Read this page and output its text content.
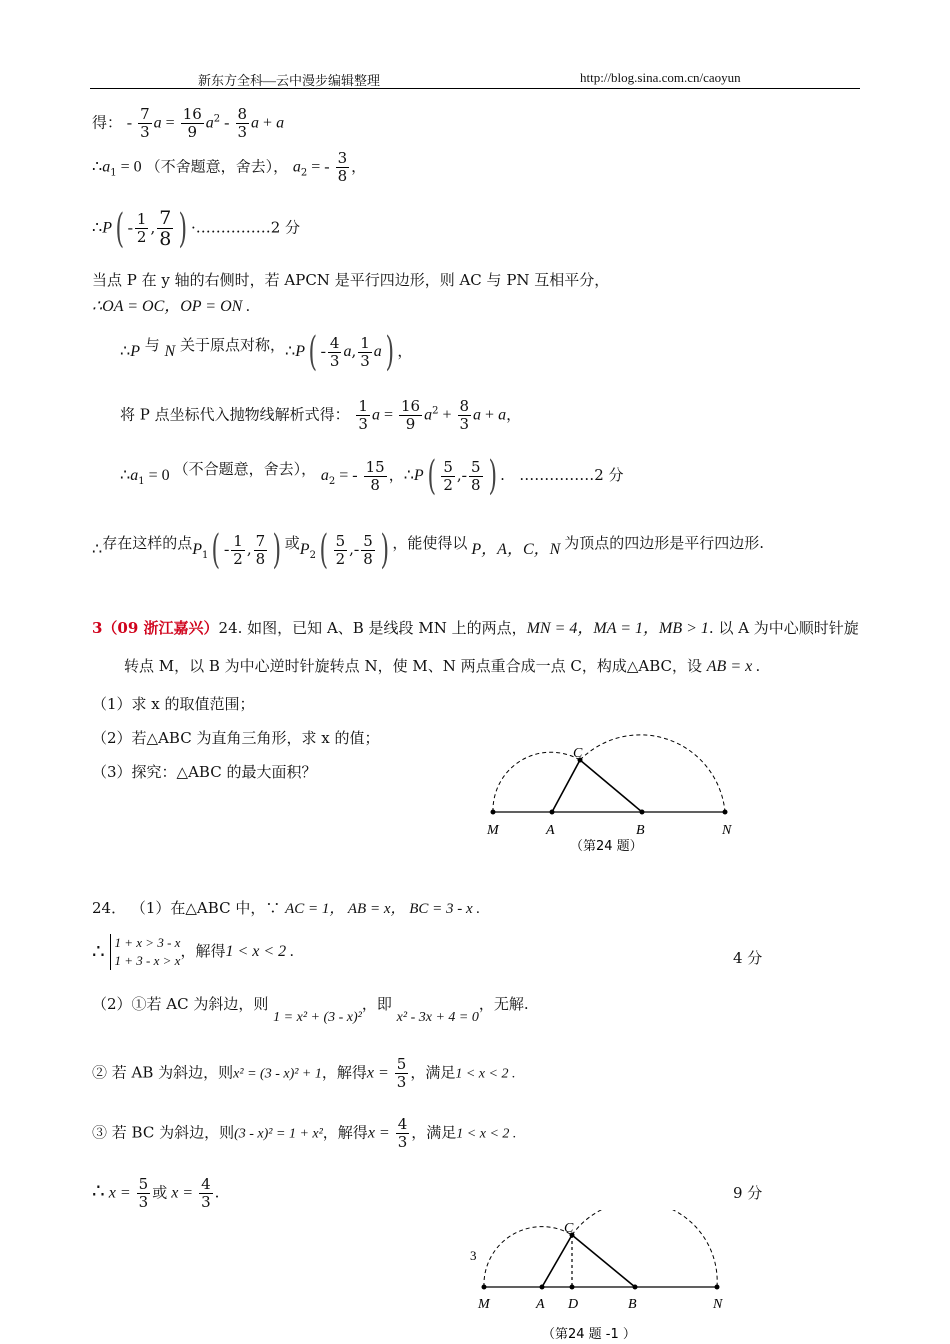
新东方全科—云中漫步编辑整理	http://blog.sina.com.cn/caoyun
得： - $\frac{7}{3}$ $a = \frac{16}{9} a^2 - \frac{8}{3}$ a + a
$\therefore a_1 = 0$ （不舍题意，舍去）， $a_2$ = - $\frac{3}{8}$ ，
∴P( - $\frac{1}{2}$ , $\frac{7}{8}$ ) ·……………2 分
当点 P 在 y 轴的右侧时，若 APCN 是平行四边形，则 AC 与 PN 互相平分，
∴OA = OC，OP = ON .
∴P 与 N 关于原点对称，∴P( - $\frac{4}{3} a$, $\frac{1}{3} a$) ，
将 P 点坐标代入抛物线解析式得： $\frac{1}{3}$ $a = \frac{16}{9} a^2 + \frac{8}{3}$ a + a，
$\therefore a_1 = 0$ （不合题意，舍去）， $a_2$ = - $\frac{15}{8}$ ，∴P( $\frac{5}{2}$ ,- $\frac{5}{8}$ ) .   ……………2 分
∴存在这样的点$P_1( - \frac{1}{2}$ , $\frac{7}{8}$ ) 或$P_2( \frac{5}{2}$ ,- $\frac{5}{8}$ ) ，能使得以 P，A，C，N 为顶点的四边形是平行四边形.
3（09 浙江嘉兴）24. 如图，已知 A、B 是线段 MN 上的两点，MN = 4，MA = 1，MB > 1. 以 A 为中心顺时针旋
转点 M，以 B 为中心逆时针旋转点 N，使 M、N 两点重合成一点 C，构成△ABC，设 AB = x .
（1）求 x 的取值范围；
（2）若△ABC 为直角三角形，求 x 的值；
（3）探究：△ABC 的最大面积？
M	A	B	N
C
（第24 题）
24． （1）在△ABC 中，∵ AC = 1， AB = x， BC = 3 - x .
∴ 1 + x > 3 - x
1 + 3 - x > x
，解得1 < x < 2 .	4 分
（2）①若 AC 为斜边，则 1 = x² + (3 - x)²，即 x² - 3x + 4 = 0，无解.
② 若 AB 为斜边，则x² = (3 - x)² + 1，解得$x = \frac{5}{3}$ ，满足1 < x < 2 .
③ 若 BC 为斜边，则(3 - x)² = 1 + x²，解得$x = \frac{4}{3}$ ，满足1 < x < 2 .
∴ $x = \frac{5}{3}$ 或 $x = \frac{4}{3}$ .	9 分
3
M	A D	B	N
C
（第24 题 -1 ）
